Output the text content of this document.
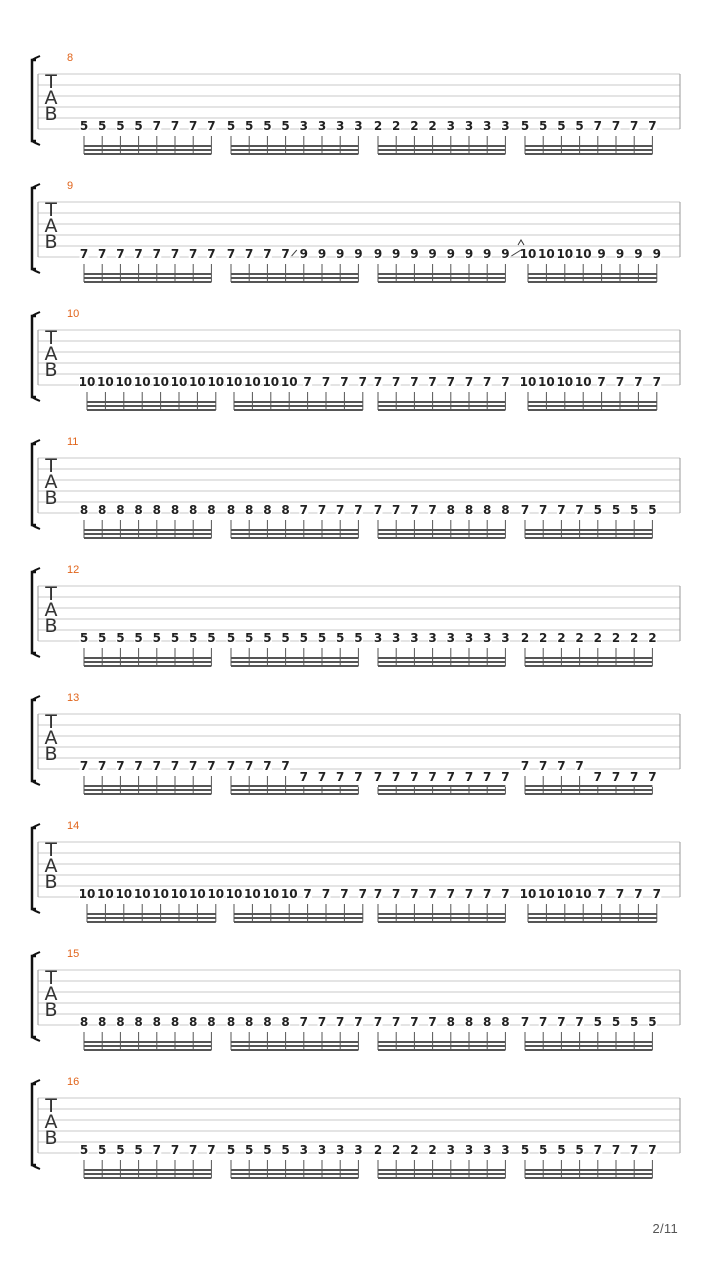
T
A
B
8
5 5 5 5 7 7 7 7 5 5 5 5 3 3 3 3 2 2 2 2 3 3 3 3 5 5 5 5 7 7 7 7
T
A
B
9
7 7 7 7 7 7 7 7 7 7 7 7 9 9 9 9 9 9 9 9 9 9 9 9 10 10 10 10 9 9 9 9
T
A
B
10
10 10 10 10 10 10 10 10 10 10 10 10 7 7 7 7 7 7 7 7 7 7 7 7 10 10 10 10 7 7 7 7
T
A
B
11
8 8 8 8 8 8 8 8 8 8 8 8 7 7 7 7 7 7 7 7 8 8 8 8 7 7 7 7 5 5 5 5
T
A
B
12
5 5 5 5 5 5 5 5 5 5 5 5 5 5 5 5 3 3 3 3 3 3 3 3 2 2 2 2 2 2 2 2
T
A
B
13
7 7 7 7 7 7 7 7 7 7 7 7
7 7 7 7 7 7 7 7 7 7 7 7
7 7 7 7
7 7 7 7
T
A
B
14
10 10 10 10 10 10 10 10 10 10 10 10 7 7 7 7 7 7 7 7 7 7 7 7 10 10 10 10 7 7 7 7
T
A
B
15
8 8 8 8 8 8 8 8 8 8 8 8 7 7 7 7 7 7 7 7 8 8 8 8 7 7 7 7 5 5 5 5
T
A
B
16
5 5 5 5 7 7 7 7 5 5 5 5 3 3 3 3 2 2 2 2 3 3 3 3 5 5 5 5 7 7 7 7
2/11
